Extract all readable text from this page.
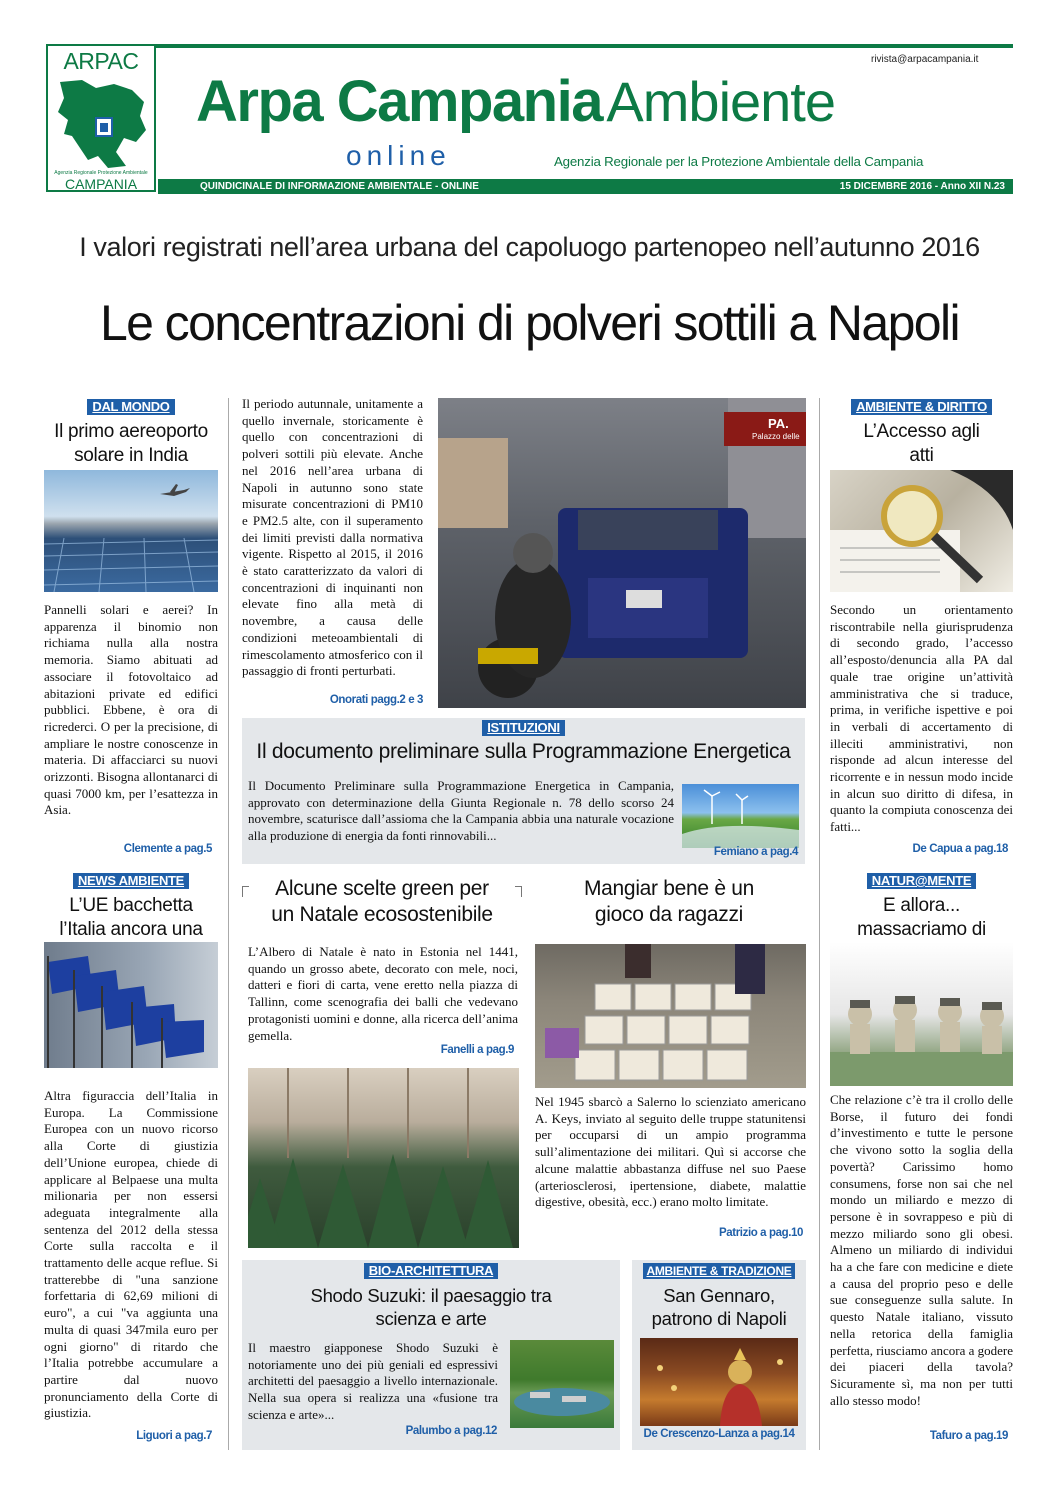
ARPAC
Agenzia Regionale Protezione Ambientale
CAMPANIA
Arpa Campania Ambiente
online
rivista@arpacampania.it
Agenzia Regionale per la Protezione Ambientale della Campania
QUINDICINALE DI INFORMAZIONE AMBIENTALE - ONLINE	15 DICEMBRE 2016 - Anno XII N.23
I valori registrati nell’area urbana del capoluogo partenopeo nell’autunno 2016
Le concentrazioni di polveri sottili a Napoli
DAL MONDO
Il primo aereoporto solare in India
Pannelli solari e aerei? In apparenza il binomio non richiama nulla alla nostra memoria. Siamo abituati ad associare il fotovoltaico ad abitazioni private ed edifici pubblici. Ebbene, è ora di ricrederci. O per la precisione, di ampliare le nostre conoscenze in materia. Di affacciarci su nuovi orizzonti. Bisogna allontanarci di quasi 7000 km, per l’esattezza in Asia.
Clemente a pag.5
NEWS AMBIENTE
L’UE bacchetta l’Italia ancora una
Altra figuraccia dell’Italia in Europa. La Commissione Europea con un nuovo ricorso alla Corte di giustizia dell’Unione europea, chiede di applicare al Belpaese una multa milionaria per non essersi adeguata integralmente alla sentenza del 2012 della stessa Corte sulla raccolta e il trattamento delle acque reflue. Si tratterebbe di "una sanzione forfettaria di 62,69 milioni di euro", a cui "va aggiunta una multa di quasi 347mila euro per ogni giorno" di ritardo che l’Italia potrebbe accumulare a partire dal nuovo pronunciamento della Corte di giustizia.
Liguori a pag.7
Il periodo autunnale, unitamente a quello invernale, storicamente è quello con concentrazioni di polveri sottili più elevate. Anche nel 2016 nell’area urbana di Napoli in autunno sono state misurate concentrazioni di PM10 e PM2.5 alte, con il superamento dei limiti previsti dalla normativa vigente. Rispetto al 2015, il 2016 è stato caratterizzato da valori di concentrazioni di inquinanti non elevate fino alla metà di novembre, a causa delle condizioni meteoambientali di rimescolamento atmosferico con il passaggio di fronti perturbati.
Onorati pagg.2 e 3
PA.
Palazzo delle
ISTITUZIONI
Il documento preliminare sulla Programmazione Energetica
Il Documento Preliminare sulla Programmazione Energetica in Campania, approvato con determinazione della Giunta Regionale n. 78 dello scorso 24 novembre, scaturisce dall’assioma che la Campania abbia una naturale vocazione alla produzione di energia da fonti rinnovabili...
Femiano a pag.4
Alcune scelte green per un Natale ecosostenibile
L’Albero di Natale è nato in Estonia nel 1441, quando un grosso abete, decorato con mele, noci, datteri e fiori di carta, vene eretto nella piazza di Tallinn, come scenografia dei balli che vedevano protagonisti uomini e donne, alla ricerca dell’anima gemella.
Fanelli a pag.9
Mangiar bene è un gioco da ragazzi
Nel 1945 sbarcò a Salerno lo scienziato americano A. Keys, inviato al seguito delle truppe statunitensi per occuparsi di un ampio programma sull’alimentazione dei militari. Quì si accorse che alcune malattie abbastanza diffuse nel suo Paese (arteriosclerosi, ipertensione, diabete, malattie digestive, obesità, ecc.) erano molto limitate.
Patrizio a pag.10
BIO-ARCHITETTURA
Shodo Suzuki: il paesaggio tra scienza e arte
Il maestro giapponese Shodo Suzuki è notoriamente uno dei più geniali ed espressivi architetti del paesaggio a livello internazionale. Nella sua opera si realizza una «fusione tra scienza e arte»...
Palumbo a pag.12
AMBIENTE & TRADIZIONE
San Gennaro, patrono di Napoli
De Crescenzo-Lanza a pag.14
AMBIENTE & DIRITTO
L’Accesso agli atti
Secondo un orientamento riscontrabile nella giurisprudenza di secondo grado, l’accesso all’esposto/denuncia alla PA dal quale trae origine un’attività amministrativa che si traduce, prima, in verifiche ispettive e poi in verbali di accertamento di illeciti amministrativi, non risponde ad alcun interesse del ricorrente e in nessun modo incide in alcun suo diritto di difesa, in quanto la compiuta conoscenza dei fatti...
De Capua a pag.18
NATUR@MENTE
E allora... massacriamo di
Che relazione c’è tra il crollo delle Borse, il futuro dei fondi d’investimento e tutte le persone che vivono sotto la soglia della povertà? Carissimo homo consumens, forse non sai che nel mondo un miliardo e mezzo di persone è in sovrappeso e più di mezzo miliardo sono gli obesi. Almeno un miliardo di individui ha a che fare con medicine e diete a causa del proprio peso e delle sue conseguenze sulla salute. In questo Natale italiano, vissuto nella retorica della famiglia perfetta, riusciamo ancora a godere dei piaceri della tavola? Sicuramente sì, ma non per tutti allo stesso modo!
Tafuro a pag.19
